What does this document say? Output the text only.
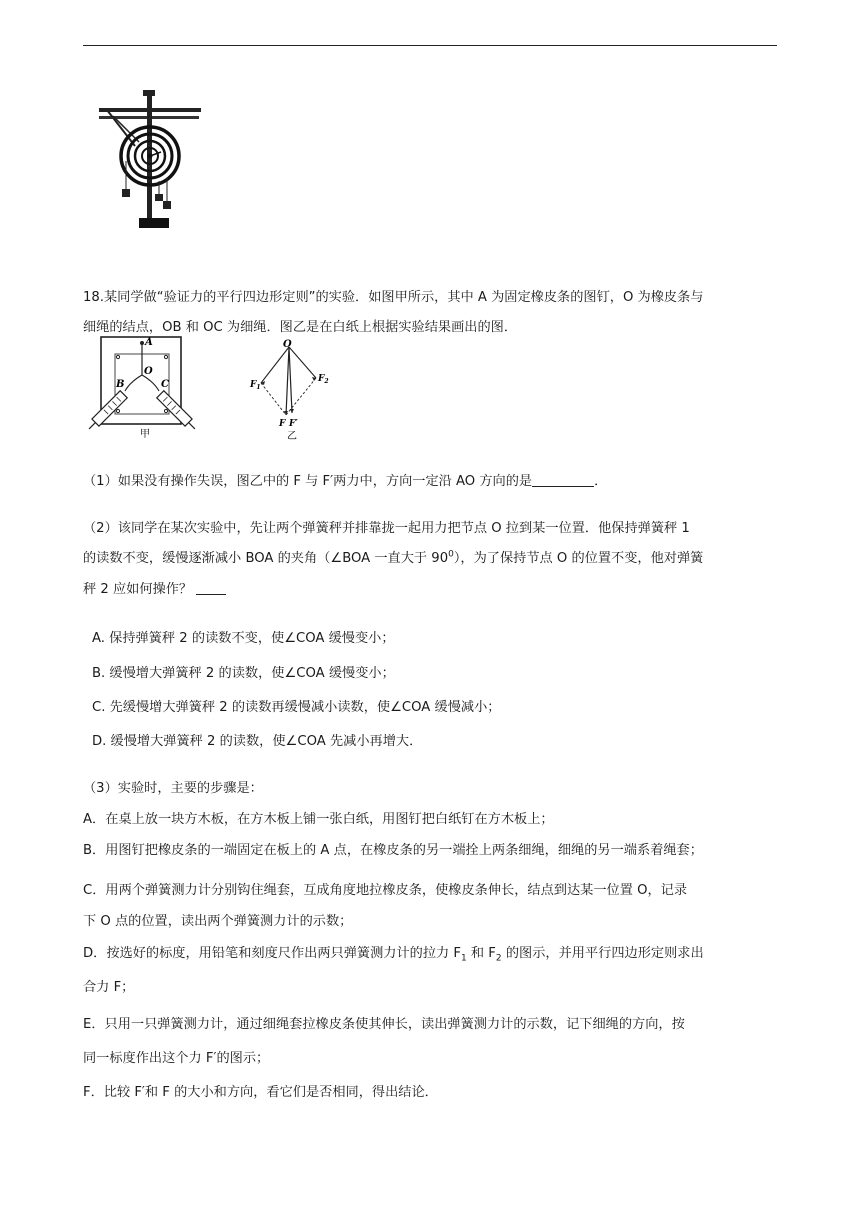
18.某同学做“验证力的平行四边形定则”的实验．如图甲所示，其中 A 为固定橡皮条的图钉，O 为橡皮条与
细绳的结点，OB 和 OC 为细绳．图乙是在白纸上根据实验结果画出的图．
A
O
B	C
甲
O
$F_1$
$F_2$
F F′
乙
（1）如果没有操作失误，图乙中的 F 与 F′两力中，方向一定沿 AO 方向的是	．
（2）该同学在某次实验中，先让两个弹簧秤并排靠拢一起用力把节点 O 拉到某一位置．他保持弹簧秤 1
的读数不变，缓慢逐渐减小 BOA 的夹角（∠BOA 一直大于 $90^0$），为了保持节点 O 的位置不变，他对弹簧
秤 2 应如何操作？
A. 保持弹簧秤 2 的读数不变，使∠COA 缓慢变小；
B. 缓慢增大弹簧秤 2 的读数，使∠COA 缓慢变小；
C. 先缓慢增大弹簧秤 2 的读数再缓慢减小读数，使∠COA 缓慢减小；
D. 缓慢增大弹簧秤 2 的读数，使∠COA 先减小再增大．
（3）实验时，主要的步骤是：
A．在桌上放一块方木板，在方木板上铺一张白纸，用图钉把白纸钉在方木板上；
B．用图钉把橡皮条的一端固定在板上的 A 点，在橡皮条的另一端拴上两条细绳，细绳的另一端系着绳套；
C．用两个弹簧测力计分别钩住绳套，互成角度地拉橡皮条，使橡皮条伸长，结点到达某一位置 O，记录
下 O 点的位置，读出两个弹簧测力计的示数；
D．按选好的标度，用铅笔和刻度尺作出两只弹簧测力计的拉力 $F_1$ 和 $F_2$ 的图示，并用平行四边形定则求出
合力 F；
E．只用一只弹簧测力计，通过细绳套拉橡皮条使其伸长，读出弹簧测力计的示数，记下细绳的方向，按
同一标度作出这个力 F′的图示；
F．比较 F′和 F 的大小和方向，看它们是否相同，得出结论．
